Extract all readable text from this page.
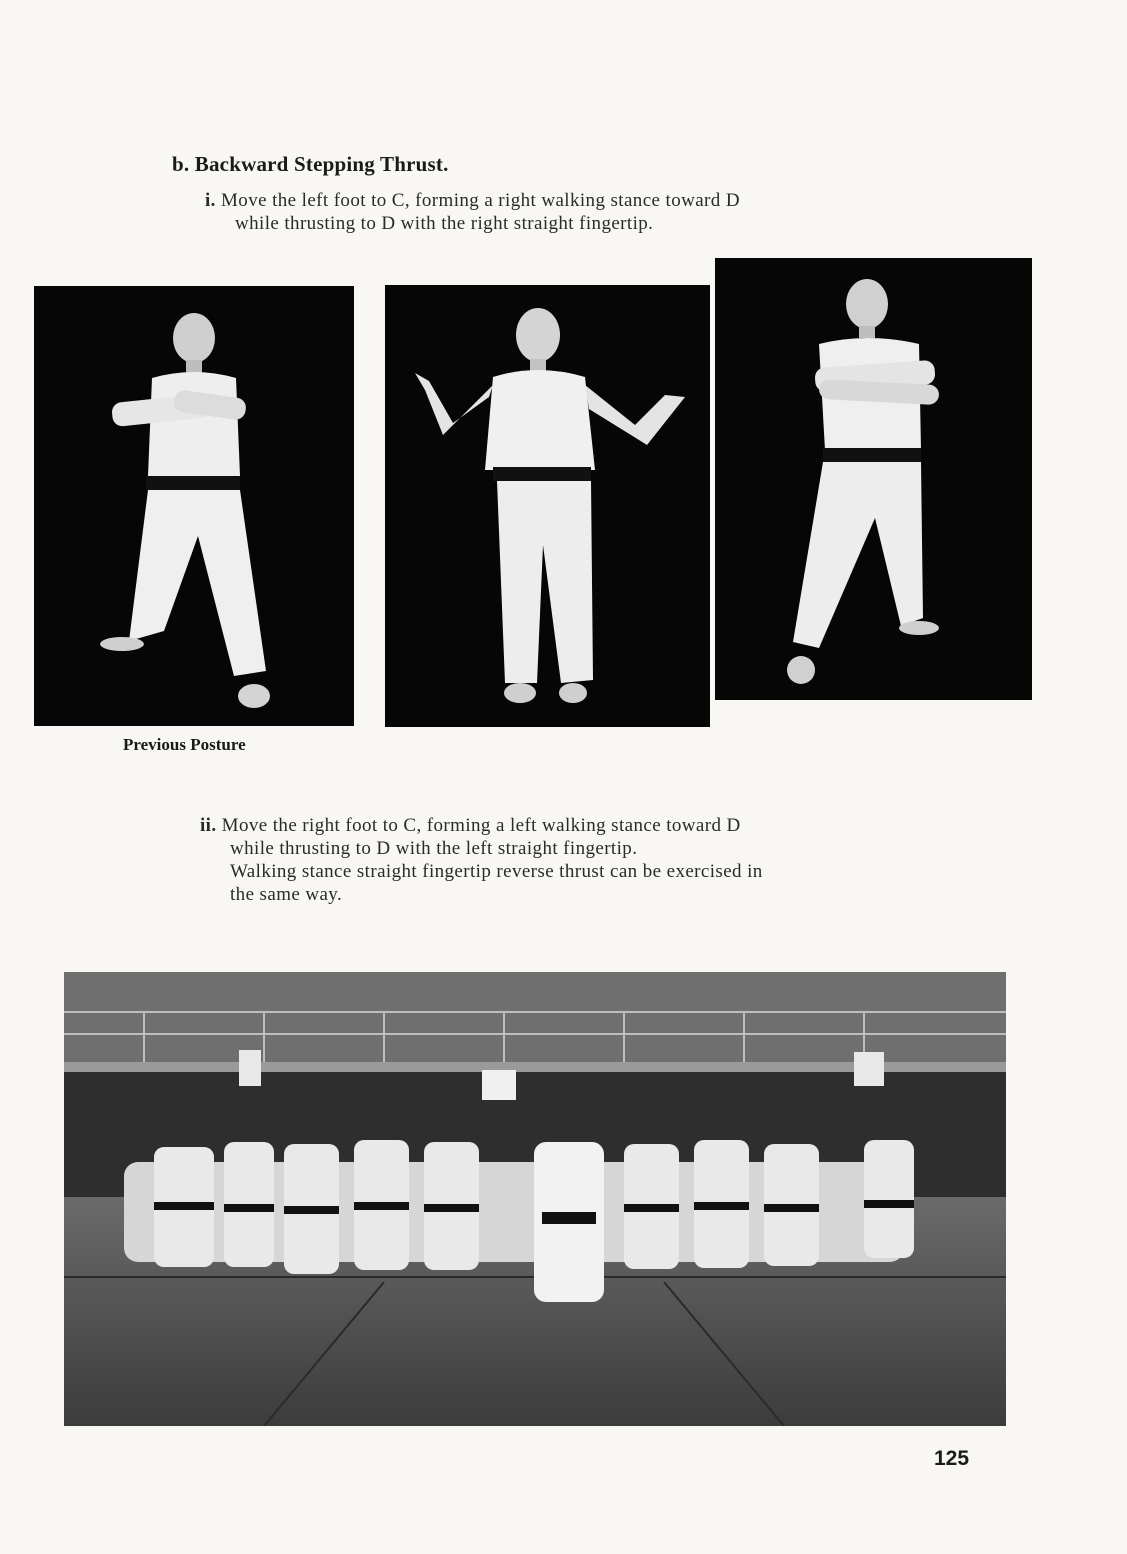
b. Backward Stepping Thrust.
i. Move the left foot to C, forming a right walking stance toward D
while thrusting to D with the right straight fingertip.
Previous Posture
ii. Move the right foot to C, forming a left walking stance toward D
while thrusting to D with the left straight fingertip.
Walking stance straight fingertip reverse thrust can be exercised in
the same way.
125
